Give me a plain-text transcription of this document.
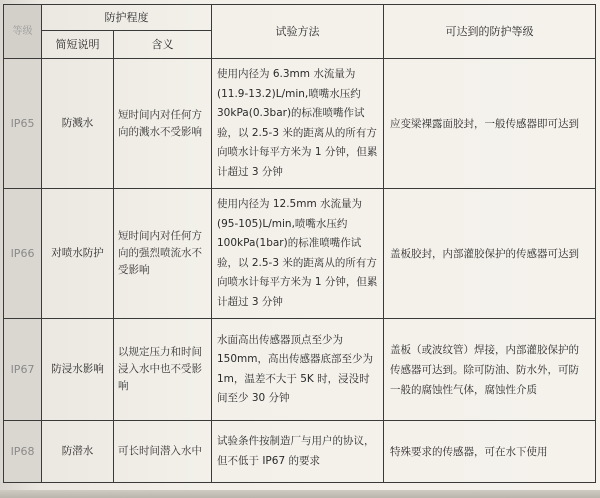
等级	防护程度		试验方法	可达到的防护等级
	简短说明	含义		
IP65	防溅水	短时间内对任何方向的溅水不受影响	使用内径为 6.3mm 水流量为 (11.9-13.2)L/min,喷嘴水压约 30kPa(0.3bar)的标准喷嘴作试验，以 2.5-3 米的距离从的所有方向喷水计每平方米为 1 分钟，但累计超过 3 分钟	应变梁裸露面胶封，一般传感器即可达到
IP66	对喷水防护	短时间内对任何方向的强烈喷流水不受影响	使用内径为 12.5mm 水流量为 (95-105)L/min,喷嘴水压约 100kPa(1bar)的标准喷嘴作试验，以 2.5-3 米的距离从的所有方向喷水计每平方米为 1 分钟，但累计超过 3 分钟	盖板胶封，内部灌胶保护的传感器可达到
IP67	防浸水影响	以规定压力和时间浸入水中也不受影响	水面高出传感器顶点至少为 150mm，高出传感器底部至少为 1m，温差不大于 5K 时，浸没时间至少 30 分钟	盖板（或波纹管）焊接，内部灌胶保护的传感器可达到。除可防油、防水外，可防一般的腐蚀性气体，腐蚀性介质
IP68	防潜水	可长时间潜入水中	试验条件按制造厂与用户的协议，但不低于 IP67 的要求	特殊要求的传感器，可在水下使用
